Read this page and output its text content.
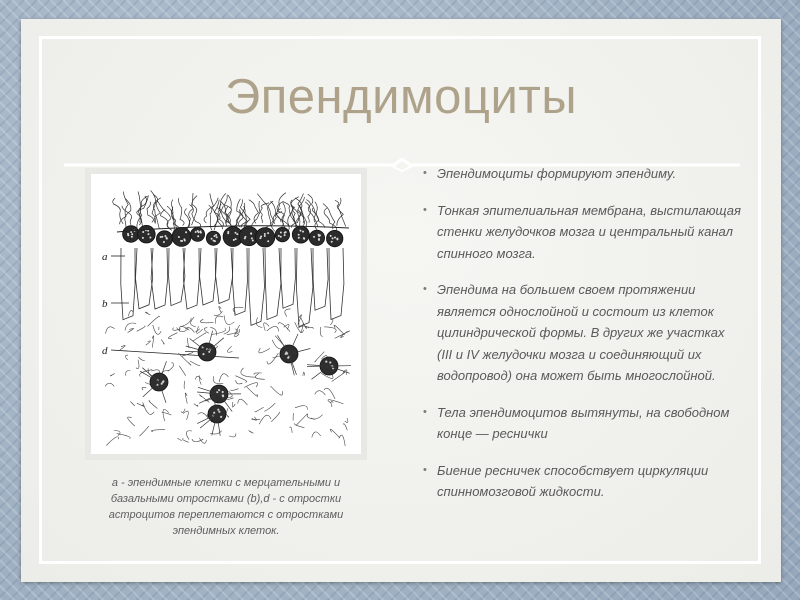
Эпендимоциты
a
b
d
а - эпендимные клетки с мерцательными и базальными отростками (b),d - с отростки астроцитов переплетаются с отростками эпендимных клеток.
• Эпендимоциты формируют эпендиму.
• Тонкая эпителиальная мембрана, выстилающая стенки желудочков мозга и центральный канал спинного мозга.
• Эпендима на большем своем протяжении является однослойной и состоит из клеток цилиндрической формы. В других же участках (III и IV желудочки мозга и соединяющий их водопровод) она может быть многослойной.
• Тела эпендимоцитов вытянуты, на свободном конце — реснички
• Биение ресничек способствует циркуляции спинномозговой жидкости.
